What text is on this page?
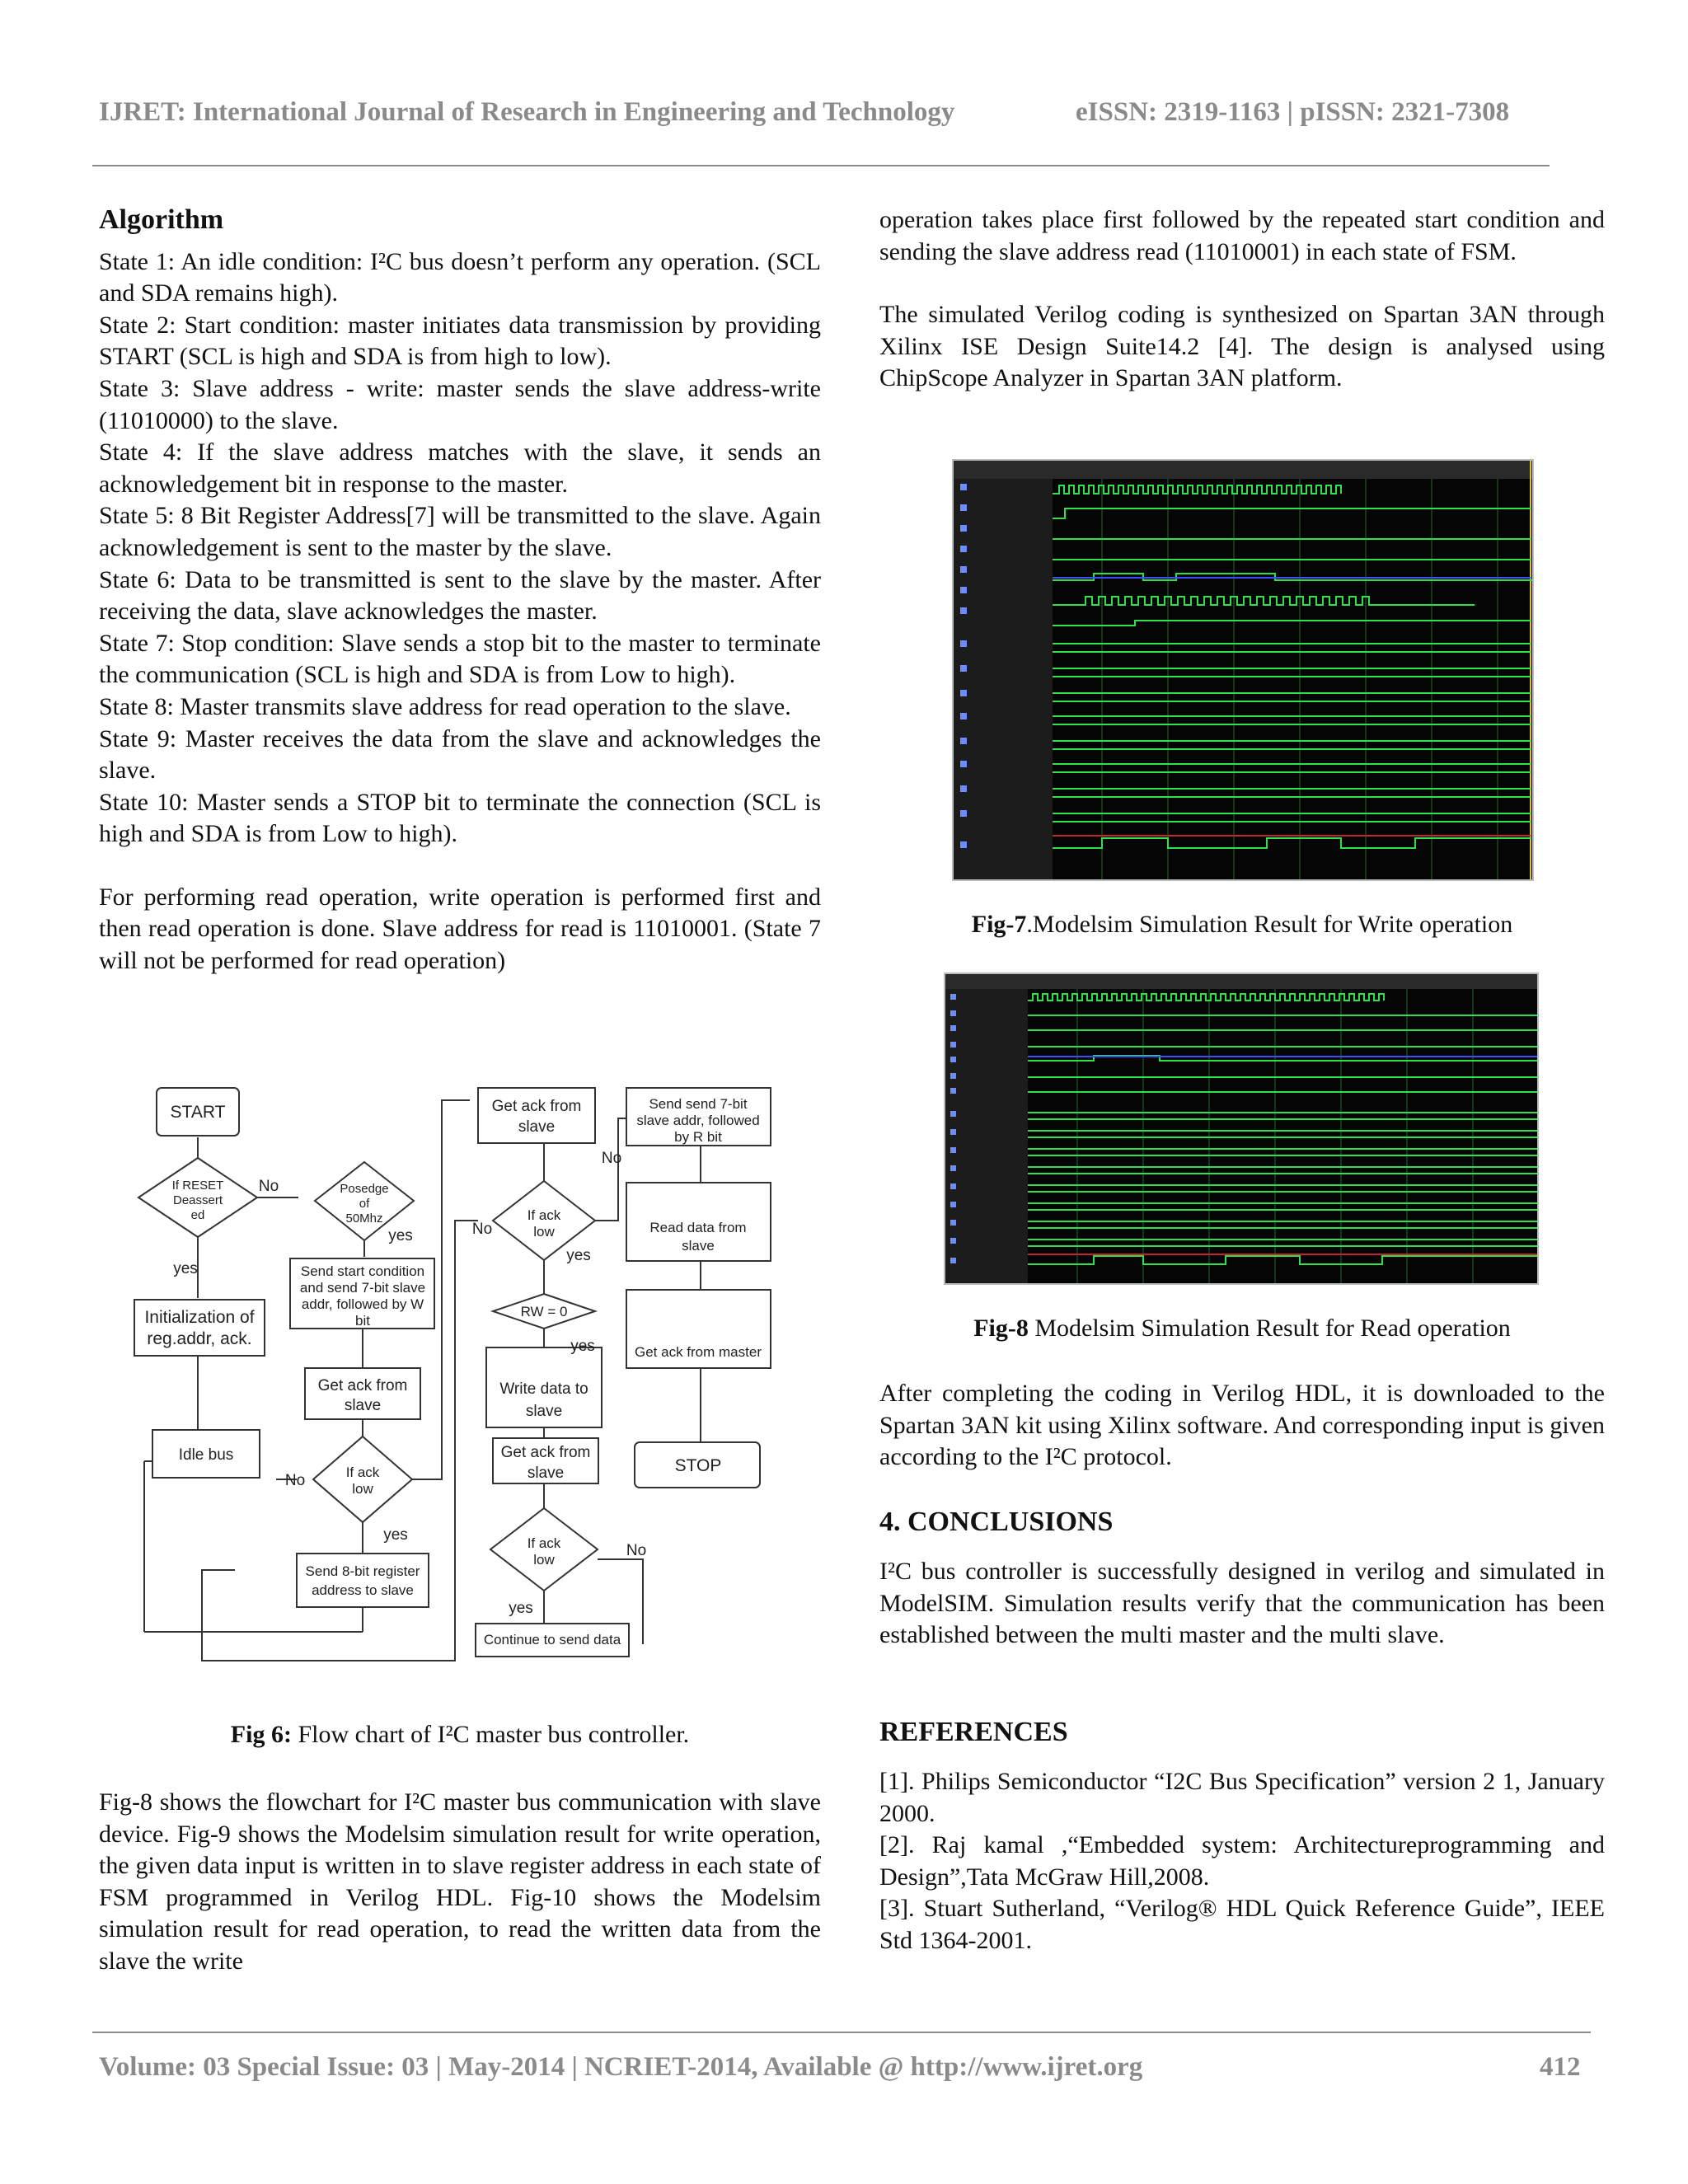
IJRET: International Journal of Research in Engineering and Technology	eISSN: 2319-1163 | pISSN: 2321-7308
Algorithm

State 1: An idle condition: I²C bus doesn’t perform any operation. (SCL and SDA remains high).

State 2: Start condition: master initiates data transmission by providing START (SCL is high and SDA is from high to low).

State 3: Slave address - write: master sends the slave address-write (11010000) to the slave.

State 4: If the slave address matches with the slave, it sends an acknowledgement bit in response to the master.

State 5: 8 Bit Register Address[7] will be transmitted to the slave. Again acknowledgement is sent to the master by the slave.

State 6: Data to be transmitted is sent to the slave by the master. After receiving the data, slave acknowledges the master.

State 7: Stop condition: Slave sends a stop bit to the master to terminate the communication (SCL is high and SDA is from Low to high).

State 8: Master transmits slave address for read operation to the slave.

State 9: Master receives the data from the slave and acknowledges the slave.

State 10: Master sends a STOP bit to terminate the connection (SCL is high and SDA is from Low to high).

For performing read operation, write operation is performed first and then read operation is done. Slave address for read is 11010001. (State 7 will not be performed for read operation)

START
If RESET
Deassert
ed
No
yes
Posedge
of
50Mhz
yes
Initialization of
reg.addr, ack.
Send start condition
and send 7-bit slave
addr, followed by W
bit
Get ack from
slave
Idle bus
No	If ack
low
yes
Send 8-bit register
address to slave
Get ack from
slave
No
If ack
low
No
yes
RW = 0
yes
Write data to
slave
Get ack from
slave
If ack
low
No
yes
Continue to send data
Send send 7-bit
slave addr, followed
by R bit
Read data from
slave
Get ack from master
STOP
Fig 6: Flow chart of I²C master bus controller.

Fig-8 shows the flowchart for I²C master bus communication with slave device. Fig-9 shows the Modelsim simulation result for write operation, the given data input is written in to slave register address in each state of FSM programmed in Verilog HDL. Fig-10 shows the Modelsim simulation result for read operation, to read the written data from the slave the write

operation takes place first followed by the repeated start condition and sending the slave address read (11010001) in each state of FSM.

The simulated Verilog coding is synthesized on Spartan 3AN through Xilinx ISE Design Suite14.2 [4]. The design is analysed using ChipScope Analyzer in Spartan 3AN platform.

Fig-7.Modelsim Simulation Result for Write operation
Fig-8 Modelsim Simulation Result for Read operation

After completing the coding in Verilog HDL, it is downloaded to the Spartan 3AN kit using Xilinx software. And corresponding input is given according to the I²C protocol.

4. CONCLUSIONS

I²C bus controller is successfully designed in verilog and simulated in ModelSIM. Simulation results verify that the communication has been established between the multi master and the multi slave.

REFERENCES

[1]. Philips Semiconductor “I2C Bus Specification” version 2 1, January 2000.

[2]. Raj kamal ,“Embedded system: Architectureprogramming and Design”,Tata McGraw Hill,2008.

[3]. Stuart Sutherland, “Verilog® HDL Quick Reference Guide”, IEEE Std 1364-2001.

Volume: 03 Special Issue: 03 | May-2014 | NCRIET-2014, Available @ http://www.ijret.org	412
